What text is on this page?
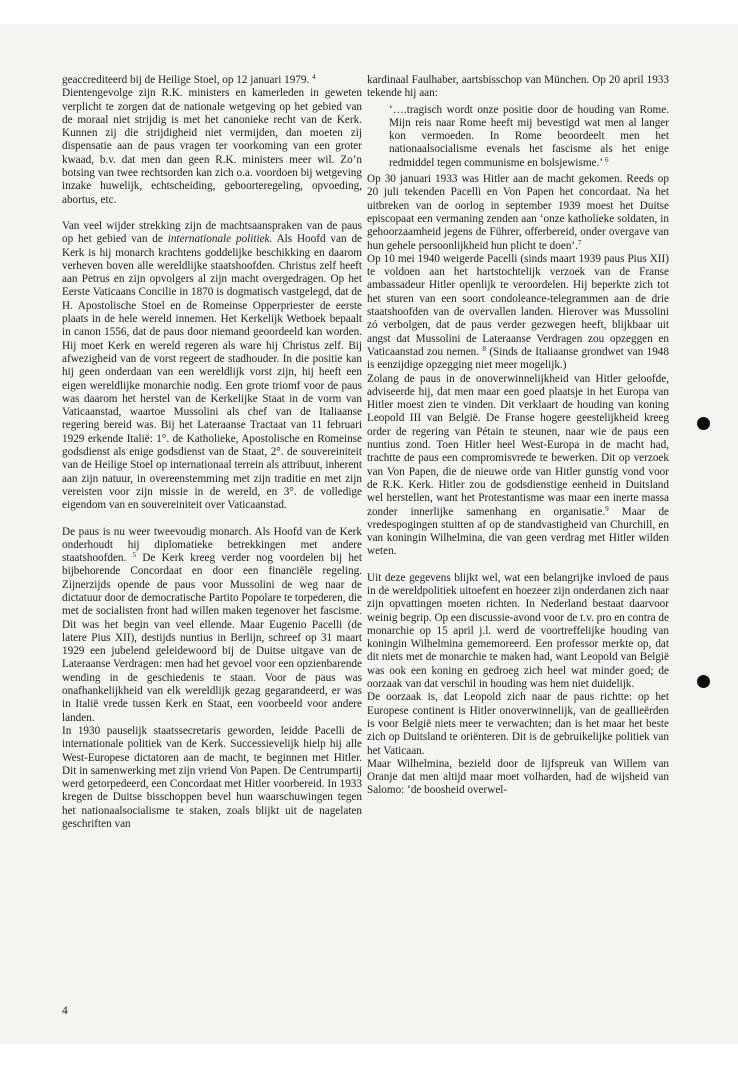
geaccrediteerd bij de Heilige Stoel, op 12 januari 1979. $^4$

Dientengevolge zijn R.K. ministers en kamerleden in geweten verplicht te zorgen dat de nationale wetgeving op het gebied van de moraal niet strijdig is met het canonieke recht van de Kerk. Kunnen zij die strijdigheid niet vermijden, dan moeten zij dispensatie aan de paus vragen ter voorkoming van een groter kwaad, b.v. dat men dan geen R.K. ministers meer wil. Zo’n botsing van twee rechtsorden kan zich o.a. voordoen bij wetgeving inzake huwelijk, echtscheiding, geboorteregeling, opvoeding, abortus, etc.

Van veel wijder strekking zijn de machtsaanspraken van de paus op het gebied van de internationale politiek. Als Hoofd van de Kerk is hij monarch krachtens goddelijke beschikking en daarom verheven boven alle wereldlijke staatshoofden. Christus zelf heeft aan Petrus en zijn opvolgers al zijn macht overgedragen. Op het Eerste Vaticaans Concilie in 1870 is dogmatisch vastgelegd, dat de H. Apostolische Stoel en de Romeinse Opperpriester de eerste plaats in de hele wereld innemen. Het Kerkelijk Wetboek bepaalt in canon 1556, dat de paus door niemand geoordeeld kan worden. Hij moet Kerk en wereld regeren als ware hij Christus zelf. Bij afwezigheid van de vorst regeert de stadhouder. In die positie kan hij geen onderdaan van een wereldlijk vorst zijn, hij heeft een eigen wereldlijke monarchie nodig. Een grote triomf voor de paus was daarom het herstel van de Kerkelijke Staat in de vorm van Vaticaanstad, waartoe Mussolini als chef van de Italiaanse regering bereid was. Bij het Lateraanse Tractaat van 11 februari 1929 erkende Italië: 1°. de Katholieke, Apostolische en Romeinse godsdienst als enige godsdienst van de Staat, 2°. de souvereiniteit van de Heilige Stoel op internationaal terrein als attribuut, inherent aan zijn natuur, in overeenstemming met zijn traditie en met zijn vereisten voor zijn missie in de wereld, en 3°. de volledige eigendom van en souvereiniteit over Vaticaanstad.

De paus is nu weer tweevoudig monarch. Als Hoofd van de Kerk onderhoudt hij diplomatieke betrekkingen met andere staatshoofden. $^5$ De Kerk kreeg verder nog voordelen bij het bijbehorende Concordaat en door een financiële regeling. Zijnerzijds opende de paus voor Mussolini de weg naar de dictatuur door de democratische Partito Popolare te torpederen, die met de socialisten front had willen maken tegenover het fascisme. Dit was het begin van veel ellende. Maar Eugenio Pacelli (de latere Pius XII), destijds nuntius in Berlijn, schreef op 31 maart 1929 een jubelend geleidewoord bij de Duitse uitgave van de Lateraanse Verdragen: men had het gevoel voor een opzienbarende wending in de geschiedenis te staan. Voor de paus was onafhankelijkheid van elk wereldlijk gezag gegarandeerd, er was in Italië vrede tussen Kerk en Staat, een voorbeeld voor andere landen.

In 1930 pauselijk staatssecretaris geworden, leidde Pacelli de internationale politiek van de Kerk. Successievelijk hielp hij alle West-Europese dictatoren aan de macht, te beginnen met Hitler. Dit in samenwerking met zijn vriend Von Papen. De Centrumpartij werd getorpedeerd, een Concordaat met Hitler voorbereid. In 1933 kregen de Duitse bisschoppen bevel hun waarschuwingen tegen het nationaalsocialisme te staken, zoals blijkt uit de nagelaten geschriften van

kardinaal Faulhaber, aartsbisschop van München. Op 20 april 1933 tekende hij aan:

‘….tragisch wordt onze positie door de houding van Rome. Mijn reis naar Rome heeft mij bevestigd wat men al langer kon vermoeden. In Rome beoordeelt men het nationaalsocialisme evenals het fascisme als het enige redmiddel tegen communisme en bolsjewisme.’ $^6$

Op 30 januari 1933 was Hitler aan de macht gekomen. Reeds op 20 juli tekenden Pacelli en Von Papen het concordaat. Na het uitbreken van de oorlog in september 1939 moest het Duitse episcopaat een vermaning zenden aan ‘onze katholieke soldaten, in gehoorzaamheid jegens de Führer, offerbereid, onder overgave van hun gehele persoonlijkheid hun plicht te doen’.$^7$

Op 10 mei 1940 weigerde Pacelli (sinds maart 1939 paus Pius XII) te voldoen aan het hartstochtelijk verzoek van de Franse ambassadeur Hitler openlijk te veroordelen. Hij beperkte zich tot het sturen van een soort condoleance-telegrammen aan de drie staatshoofden van de overvallen landen. Hierover was Mussolini zó verbolgen, dat de paus verder gezwegen heeft, blijkbaar uit angst dat Mussolini de Lateraanse Verdragen zou opzeggen en Vaticaanstad zou nemen. $^8$ (Sinds de Italiaanse grondwet van 1948 is eenzijdige opzegging niet meer mogelijk.)

Zolang de paus in de onoverwinnelijkheid van Hitler geloofde, adviseerde hij, dat men maar een goed plaatsje in het Europa van Hitler moest zien te vinden. Dit verklaart de houding van koning Leopold III van België. De Franse hogere geestelijkheid kreeg order de regering van Pétain te steunen, naar wie de paus een nuntius zond. Toen Hitler heel West-Europa in de macht had, trachtte de paus een compromisvrede te bewerken. Dit op verzoek van Von Papen, die de nieuwe orde van Hitler gunstig vond voor de R.K. Kerk. Hitler zou de godsdienstige eenheid in Duitsland wel herstellen, want het Protestantisme was maar een inerte massa zonder innerlijke samenhang en organisatie.$^9$ Maar de vredespogingen stuitten af op de standvastigheid van Churchill, en van koningin Wilhelmina, die van geen verdrag met Hitler wilden weten.

Uit deze gegevens blijkt wel, wat een belangrijke invloed de paus in de wereldpolitiek uitoefent en hoezeer zijn onderdanen zich naar zijn opvattingen moeten richten. In Nederland bestaat daarvoor weinig begrip. Op een discussie-avond voor de t.v. pro en contra de monarchie op 15 april j.l. werd de voortreffelijke houding van koningin Wilhelmina gememoreerd. Een professor merkte op, dat dit niets met de monarchie te maken had, want Leopold van België was ook een koning en gedroeg zich heel wat minder goed; de oorzaak van dat verschil in houding was hem niet duidelijk.

De oorzaak is, dat Leopold zich naar de paus richtte: op het Europese continent is Hitler onoverwinnelijk, van de geallieërden is voor België niets meer te verwachten; dan is het maar het beste zich op Duitsland te oriënteren. Dit is de gebruikelijke politiek van het Vaticaan.

Maar Wilhelmina, bezield door de lijfspreuk van Willem van Oranje dat men altijd maar moet volharden, had de wijsheid van Salomo: ‘de boosheid overwel-

4
